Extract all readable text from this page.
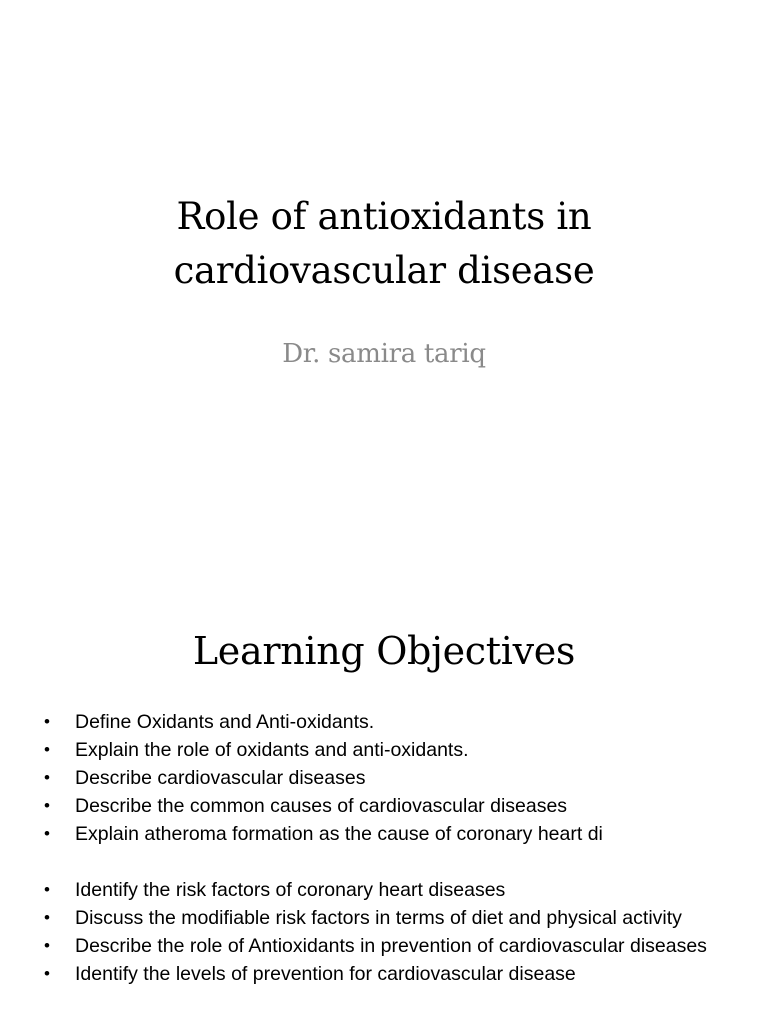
Role of antioxidants in
cardiovascular disease

Dr. samira tariq

Learning Objectives
•	Define Oxidants and Anti-oxidants.
•	Explain the role of oxidants and anti-oxidants.
•	Describe cardiovascular diseases
•	Describe the common causes of cardiovascular diseases
•	Explain atheroma formation as the cause of coronary heart di
•	Identify the risk factors of coronary heart diseases
•	Discuss the modifiable risk factors in terms of diet and physical activity
•	Describe the role of Antioxidants in prevention of cardiovascular diseases
•	Identify the levels of prevention for cardiovascular disease
